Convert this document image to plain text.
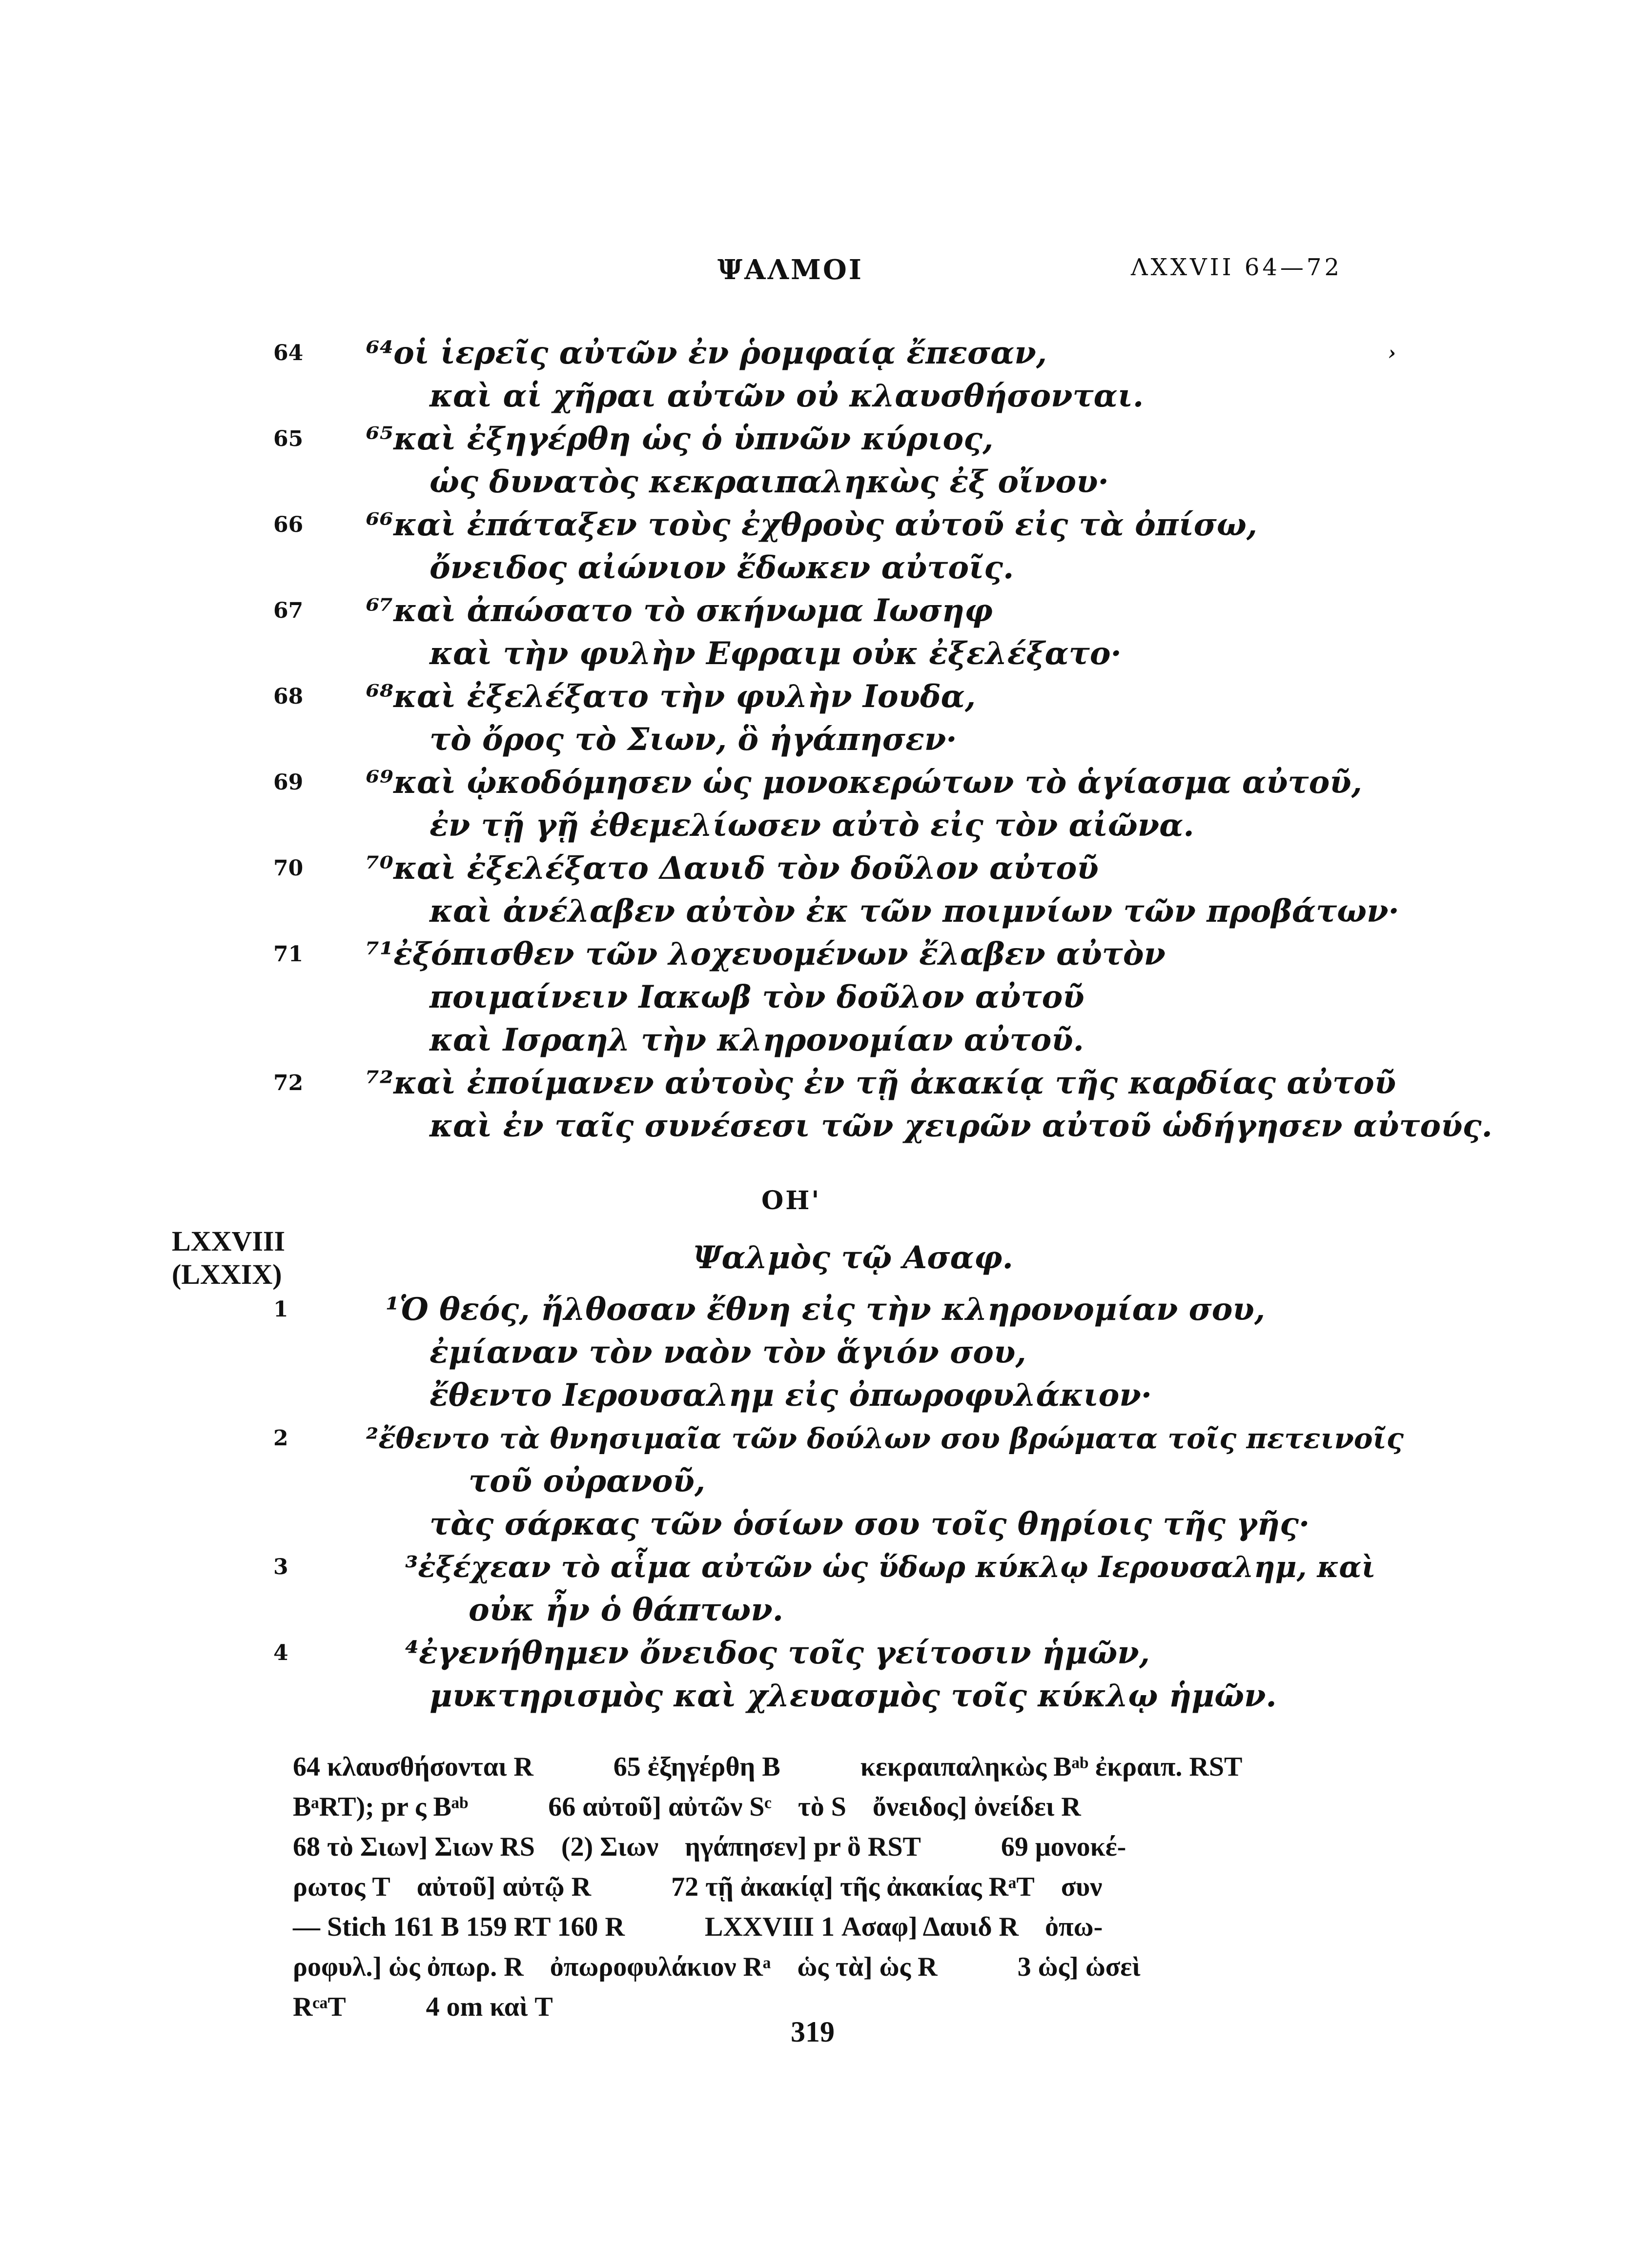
ΨΑΛΜΟΙ	ΛΧΧVII 64—72
64	⁶⁴οἱ ἱερεῖς αὐτῶν ἐν ῥομφαίᾳ ἔπεσαν,
καὶ αἱ χῆραι αὐτῶν οὐ κλαυσθήσονται.
›
65	⁶⁵καὶ ἐξηγέρθη ὡς ὁ ὑπνῶν κύριος,
ὡς δυνατὸς κεκραιπαληκὼς ἐξ οἴνου·
66	⁶⁶καὶ ἐπάταξεν τοὺς ἐχθροὺς αὐτοῦ εἰς τὰ ὀπίσω,
ὄνειδος αἰώνιον ἔδωκεν αὐτοῖς.
67	⁶⁷καὶ ἀπώσατο τὸ σκήνωμα Ιωσηφ
καὶ τὴν φυλὴν Εφραιμ οὐκ ἐξελέξατο·
68	⁶⁸καὶ ἐξελέξατο τὴν φυλὴν Ιουδα,
τὸ ὄρος τὸ Σιων, ὃ ἠγάπησεν·
69	⁶⁹καὶ ᾠκοδόμησεν ὡς μονοκερώτων τὸ ἁγίασμα αὐτοῦ,
ἐν τῇ γῇ ἐθεμελίωσεν αὐτὸ εἰς τὸν αἰῶνα.
70	⁷⁰καὶ ἐξελέξατο Δαυιδ τὸν δοῦλον αὐτοῦ
καὶ ἀνέλαβεν αὐτὸν ἐκ τῶν ποιμνίων τῶν προβάτων·
71	⁷¹ἐξόπισθεν τῶν λοχευομένων ἔλαβεν αὐτὸν
ποιμαίνειν Ιακωβ τὸν δοῦλον αὐτοῦ
καὶ Ισραηλ τὴν κληρονομίαν αὐτοῦ.
72	⁷²καὶ ἐποίμανεν αὐτοὺς ἐν τῇ ἀκακίᾳ τῆς καρδίας αὐτοῦ
καὶ ἐν ταῖς συνέσεσι τῶν χειρῶν αὐτοῦ ὡδήγησεν αὐτούς.
ΟΗ'
LXXVIII
(LXXIX)	Ψαλμὸς τῷ Ασαφ.
1	¹Ὁ θεός, ἤλθοσαν ἔθνη εἰς τὴν κληρονομίαν σου,
ἐμίαναν τὸν ναὸν τὸν ἅγιόν σου,
ἔθεντο Ιερουσαλημ εἰς ὀπωροφυλάκιον·
2	²ἔθεντο τὰ θνησιμαῖα τῶν δούλων σου βρώματα τοῖς πετεινοῖς
τοῦ οὐρανοῦ,
τὰς σάρκας τῶν ὁσίων σου τοῖς θηρίοις τῆς γῆς·
3	³ἐξέχεαν τὸ αἷμα αὐτῶν ὡς ὕδωρ κύκλῳ Ιερουσαλημ, καὶ
οὐκ ἦν ὁ θάπτων.
4	⁴ἐγενήθημεν ὄνειδος τοῖς γείτοσιν ἡμῶν,
μυκτηρισμὸς καὶ χλευασμὸς τοῖς κύκλῳ ἡμῶν.
64 κλαυσθήσονται R	65 ἐξηγέρθη Β	κεκραιπαληκὼς Bᵃᵇ ἐκραιπ. RST
BᵃRT); pr ς Bᵃᵇ	66 αὐτοῦ] αὐτῶν Sᶜ τὸ S ὄνειδος] ὀνείδει R
68 τὸ Σιων] Σιων RS (2) Σιων ηγάπησεν] pr ὃ RST	69 μονοκέ-
ρωτος T αὐτοῦ] αὐτῷ R	72 τῇ ἀκακίᾳ] τῆς ἀκακίας RᵃT συν
— Stich 161 B 159 RT 160 R	LXXVIII 1 Ασαφ] Δαυιδ R ὀπω-
ροφυλ.] ὡς ὀπωρ. R ὀπωροφυλάκιον Rᵃ ὡς τὰ] ὡς R	3 ὡς] ὡσεὶ
RᶜᵃT	4 om καὶ T
319
